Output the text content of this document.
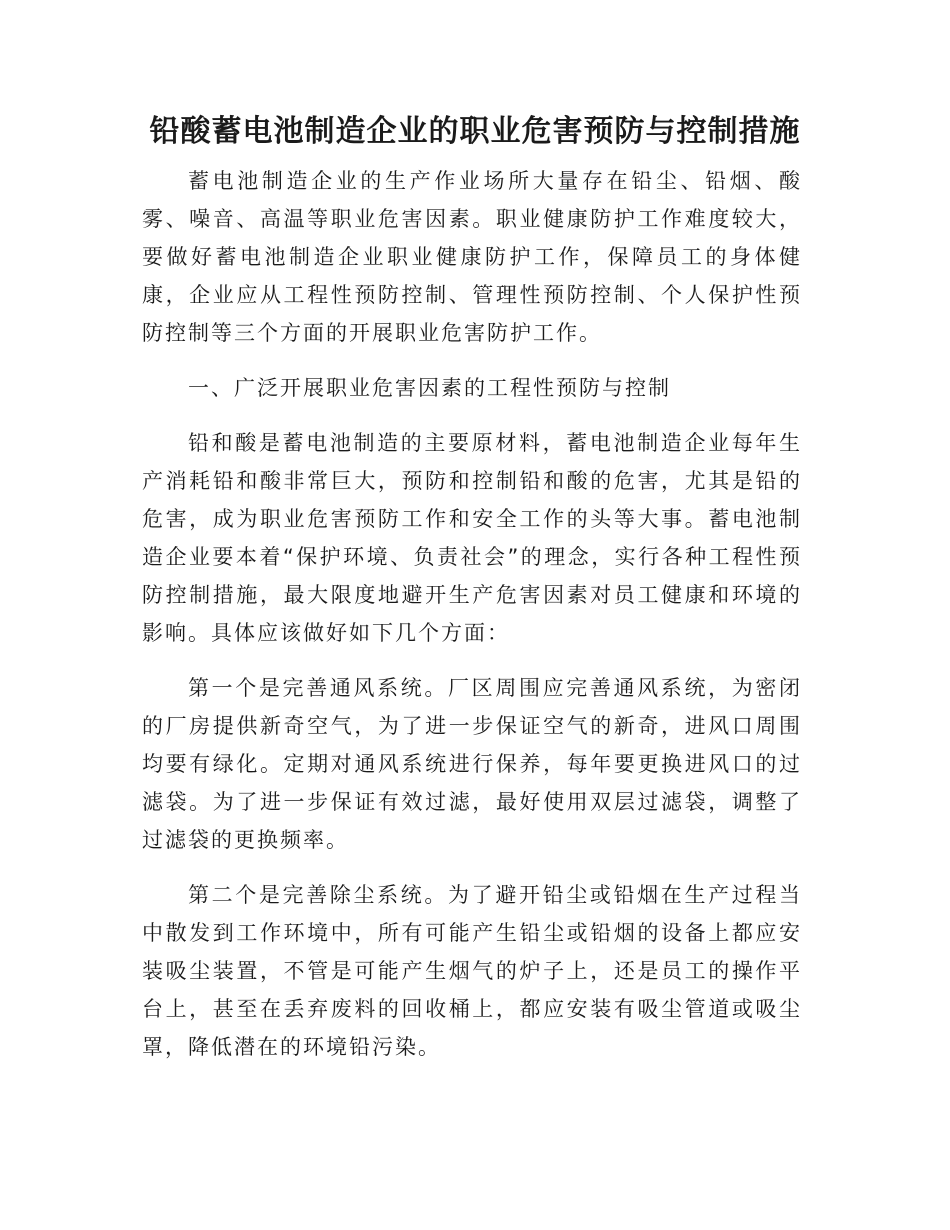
铅酸蓄电池制造企业的职业危害预防与控制措施

蓄电池制造企业的生产作业场所大量存在铅尘、铅烟、酸雾、噪音、高温等职业危害因素。职业健康防护工作难度较大，要做好蓄电池制造企业职业健康防护工作，保障员工的身体健康，企业应从工程性预防控制、管理性预防控制、个人保护性预防控制等三个方面的开展职业危害防护工作。

一、广泛开展职业危害因素的工程性预防与控制

铅和酸是蓄电池制造的主要原材料，蓄电池制造企业每年生产消耗铅和酸非常巨大，预防和控制铅和酸的危害，尤其是铅的危害，成为职业危害预防工作和安全工作的头等大事。蓄电池制造企业要本着“保护环境、负责社会”的理念，实行各种工程性预防控制措施，最大限度地避开生产危害因素对员工健康和环境的影响。具体应该做好如下几个方面：

第一个是完善通风系统。厂区周围应完善通风系统，为密闭的厂房提供新奇空气，为了进一步保证空气的新奇，进风口周围均要有绿化。定期对通风系统进行保养，每年要更换进风口的过滤袋。为了进一步保证有效过滤，最好使用双层过滤袋，调整了过滤袋的更换频率。

第二个是完善除尘系统。为了避开铅尘或铅烟在生产过程当中散发到工作环境中，所有可能产生铅尘或铅烟的设备上都应安装吸尘装置，不管是可能产生烟气的炉子上，还是员工的操作平台上，甚至在丢弃废料的回收桶上，都应安装有吸尘管道或吸尘罩，降低潜在的环境铅污染。
